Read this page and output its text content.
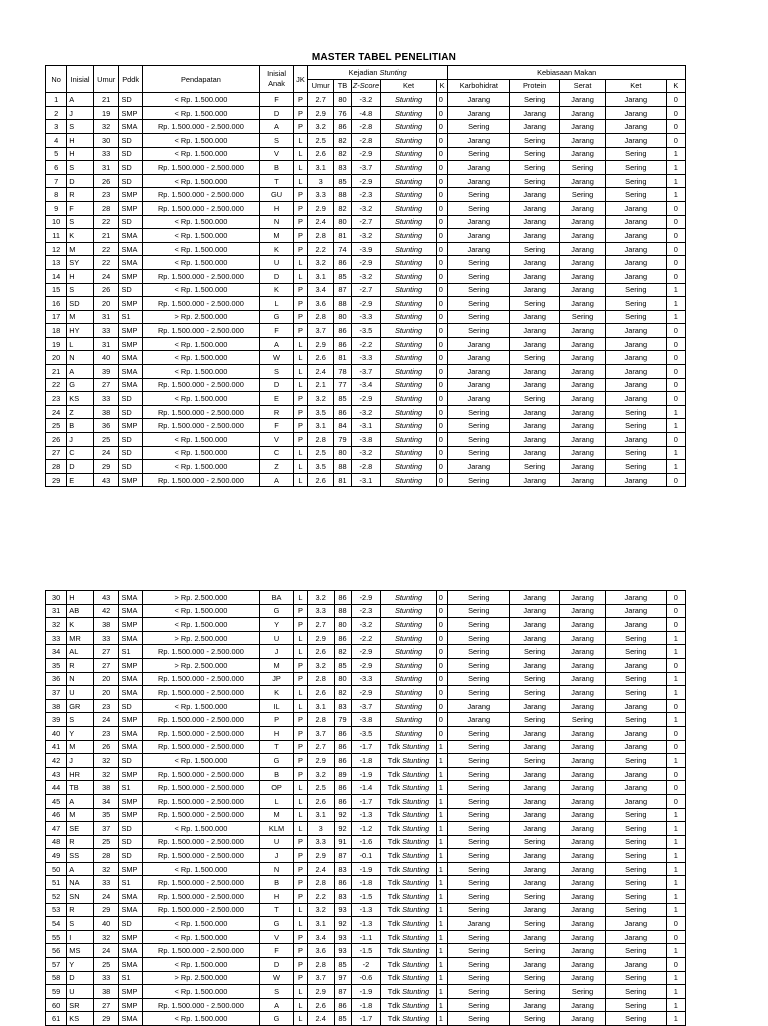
MASTER TABEL PENELITIAN
No	Inisial	Umur	Pddk	Pendapatan	Inisial Anak	JK	Kejadian Stunting					Kebiasaan Makan				
							Umur	TB	Z-Score	Ket	K	Karbohidrat	Protein	Serat	Ket	K
1	A	21	SD	< Rp. 1.500.000	F	P	2.7	80	-3.2	Stunting	0	Jarang	Sering	Jarang	Jarang	0
2	J	19	SMP	< Rp. 1.500.000	D	P	2.9	76	-4.8	Stunting	0	Jarang	Jarang	Jarang	Jarang	0
3	S	32	SMA	Rp. 1.500.000 - 2.500.000	A	P	3.2	86	-2.8	Stunting	0	Sering	Jarang	Jarang	Jarang	0
4	H	30	SD	< Rp. 1.500.000	S	L	2.5	82	-2.8	Stunting	0	Jarang	Sering	Jarang	Jarang	0
5	H	33	SD	< Rp. 1.500.000	V	L	2.6	82	-2.9	Stunting	0	Sering	Sering	Jarang	Sering	1
6	S	31	SD	Rp. 1.500.000 - 2.500.000	B	L	3.1	83	-3.7	Stunting	0	Jarang	Sering	Sering	Sering	1
7	D	26	SD	< Rp. 1.500.000	T	L	3	85	-2.9	Stunting	0	Jarang	Sering	Jarang	Sering	1
8	R	23	SMP	Rp. 1.500.000 - 2.500.000	GU	P	3.3	88	-2.3	Stunting	0	Sering	Jarang	Sering	Sering	1
9	F	28	SMP	Rp. 1.500.000 - 2.500.000	H	P	2.9	82	-3.2	Stunting	0	Sering	Jarang	Jarang	Jarang	0
10	S	22	SD	< Rp. 1.500.000	N	P	2.4	80	-2.7	Stunting	0	Jarang	Jarang	Jarang	Jarang	0
11	K	21	SMA	< Rp. 1.500.000	M	P	2.8	81	-3.2	Stunting	0	Jarang	Jarang	Jarang	Jarang	0
12	M	22	SMA	< Rp. 1.500.000	K	P	2.2	74	-3.9	Stunting	0	Jarang	Sering	Jarang	Jarang	0
13	SY	22	SMA	< Rp. 1.500.000	U	L	3.2	86	-2.9	Stunting	0	Sering	Jarang	Jarang	Jarang	0
14	H	24	SMP	Rp. 1.500.000 - 2.500.000	D	L	3.1	85	-3.2	Stunting	0	Sering	Jarang	Jarang	Jarang	0
15	S	26	SD	< Rp. 1.500.000	K	P	3.4	87	-2.7	Stunting	0	Sering	Jarang	Jarang	Sering	1
16	SD	20	SMP	Rp. 1.500.000 - 2.500.000	L	P	3.6	88	-2.9	Stunting	0	Sering	Sering	Jarang	Sering	1
17	M	31	S1	> Rp. 2.500.000	G	P	2.8	80	-3.3	Stunting	0	Sering	Jarang	Sering	Sering	1
18	HY	33	SMP	Rp. 1.500.000 - 2.500.000	F	P	3.7	86	-3.5	Stunting	0	Sering	Jarang	Jarang	Jarang	0
19	L	31	SMP	< Rp. 1.500.000	A	L	2.9	86	-2.2	Stunting	0	Jarang	Jarang	Jarang	Jarang	0
20	N	40	SMA	< Rp. 1.500.000	W	L	2.6	81	-3.3	Stunting	0	Jarang	Sering	Jarang	Jarang	0
21	A	39	SMA	< Rp. 1.500.000	S	L	2.4	78	-3.7	Stunting	0	Jarang	Jarang	Jarang	Jarang	0
22	G	27	SMA	Rp. 1.500.000 - 2.500.000	D	L	2.1	77	-3.4	Stunting	0	Jarang	Jarang	Jarang	Jarang	0
23	KS	33	SD	< Rp. 1.500.000	E	P	3.2	85	-2.9	Stunting	0	Jarang	Sering	Jarang	Jarang	0
24	Z	38	SD	Rp. 1.500.000 - 2.500.000	R	P	3.5	86	-3.2	Stunting	0	Sering	Jarang	Jarang	Sering	1
25	B	36	SMP	Rp. 1.500.000 - 2.500.000	F	P	3.1	84	-3.1	Stunting	0	Sering	Jarang	Jarang	Sering	1
26	J	25	SD	< Rp. 1.500.000	V	P	2.8	79	-3.8	Stunting	0	Sering	Jarang	Jarang	Jarang	0
27	C	24	SD	< Rp. 1.500.000	C	L	2.5	80	-3.2	Stunting	0	Sering	Jarang	Jarang	Sering	1
28	D	29	SD	< Rp. 1.500.000	Z	L	3.5	88	-2.8	Stunting	0	Jarang	Sering	Jarang	Sering	1
29	E	43	SMP	Rp. 1.500.000 - 2.500.000	A	L	2.6	81	-3.1	Stunting	0	Sering	Jarang	Jarang	Jarang	0
30	H	43	SMA	> Rp. 2.500.000	BA	L	3.2	86	-2.9	Stunting	0	Sering	Jarang	Jarang	Jarang	0
31	AB	42	SMA	< Rp. 1.500.000	G	P	3.3	88	-2.3	Stunting	0	Sering	Jarang	Jarang	Jarang	0
32	K	38	SMP	< Rp. 1.500.000	Y	P	2.7	80	-3.2	Stunting	0	Sering	Jarang	Jarang	Jarang	0
33	MR	33	SMA	> Rp. 2.500.000	U	L	2.9	86	-2.2	Stunting	0	Sering	Jarang	Jarang	Sering	1
34	AL	27	S1	Rp. 1.500.000 - 2.500.000	J	L	2.6	82	-2.9	Stunting	0	Sering	Sering	Jarang	Sering	1
35	R	27	SMP	> Rp. 2.500.000	M	P	3.2	85	-2.9	Stunting	0	Sering	Jarang	Jarang	Jarang	0
36	N	20	SMA	Rp. 1.500.000 - 2.500.000	JP	P	2.8	80	-3.3	Stunting	0	Sering	Sering	Jarang	Sering	1
37	U	20	SMA	Rp. 1.500.000 - 2.500.000	K	L	2.6	82	-2.9	Stunting	0	Sering	Sering	Jarang	Sering	1
38	GR	23	SD	< Rp. 1.500.000	IL	L	3.1	83	-3.7	Stunting	0	Jarang	Jarang	Jarang	Jarang	0
39	S	24	SMP	Rp. 1.500.000 - 2.500.000	P	P	2.8	79	-3.8	Stunting	0	Jarang	Sering	Sering	Sering	1
40	Y	23	SMA	Rp. 1.500.000 - 2.500.000	H	P	3.7	86	-3.5	Stunting	0	Sering	Jarang	Jarang	Jarang	0
41	M	26	SMA	Rp. 1.500.000 - 2.500.000	T	P	2.7	86	-1.7	Tdk Stunting	1	Sering	Jarang	Jarang	Jarang	0
42	J	32	SD	< Rp. 1.500.000	G	P	2.9	86	-1.8	Tdk Stunting	1	Sering	Sering	Jarang	Sering	1
43	HR	32	SMP	Rp. 1.500.000 - 2.500.000	B	P	3.2	89	-1.9	Tdk Stunting	1	Sering	Jarang	Jarang	Jarang	0
44	TB	38	S1	Rp. 1.500.000 - 2.500.000	OP	L	2.5	86	-1.4	Tdk Stunting	1	Sering	Jarang	Jarang	Jarang	0
45	A	34	SMP	Rp. 1.500.000 - 2.500.000	L	L	2.6	86	-1.7	Tdk Stunting	1	Sering	Jarang	Jarang	Jarang	0
46	M	35	SMP	Rp. 1.500.000 - 2.500.000	M	L	3.1	92	-1.3	Tdk Stunting	1	Sering	Jarang	Jarang	Sering	1
47	SE	37	SD	< Rp. 1.500.000	KLM	L	3	92	-1.2	Tdk Stunting	1	Sering	Jarang	Jarang	Sering	1
48	R	25	SD	Rp. 1.500.000 - 2.500.000	U	P	3.3	91	-1.6	Tdk Stunting	1	Sering	Sering	Jarang	Sering	1
49	SS	28	SD	Rp. 1.500.000 - 2.500.000	J	P	2.9	87	-0.1	Tdk Stunting	1	Sering	Jarang	Jarang	Sering	1
50	A	32	SMP	< Rp. 1.500.000	N	P	2.4	83	-1.9	Tdk Stunting	1	Sering	Jarang	Jarang	Sering	1
51	NA	33	S1	Rp. 1.500.000 - 2.500.000	B	P	2.8	86	-1.8	Tdk Stunting	1	Sering	Jarang	Jarang	Sering	1
52	SN	24	SMA	Rp. 1.500.000 - 2.500.000	H	P	2.2	83	-1.5	Tdk Stunting	1	Sering	Sering	Jarang	Sering	1
53	R	29	SMA	Rp. 1.500.000 - 2.500.000	T	L	3.2	93	-1.3	Tdk Stunting	1	Sering	Jarang	Jarang	Sering	1
54	S	40	SD	< Rp. 1.500.000	G	L	3.1	92	-1.3	Tdk Stunting	1	Jarang	Sering	Jarang	Jarang	0
55	I	32	SMP	< Rp. 1.500.000	V	P	3.4	93	-1.1	Tdk Stunting	1	Sering	Jarang	Jarang	Jarang	0
56	MS	24	SMA	Rp. 1.500.000 - 2.500.000	F	P	3.6	93	-1.5	Tdk Stunting	1	Sering	Sering	Jarang	Sering	1
57	Y	25	SMA	< Rp. 1.500.000	D	P	2.8	85	-2	Tdk Stunting	1	Sering	Jarang	Jarang	Jarang	0
58	D	33	S1	> Rp. 2.500.000	W	P	3.7	97	-0.6	Tdk Stunting	1	Sering	Sering	Jarang	Sering	1
59	U	38	SMP	< Rp. 1.500.000	S	L	2.9	87	-1.9	Tdk Stunting	1	Sering	Sering	Sering	Sering	1
60	SR	27	SMP	Rp. 1.500.000 - 2.500.000	A	L	2.6	86	-1.8	Tdk Stunting	1	Sering	Jarang	Jarang	Sering	1
61	KS	29	SMA	< Rp. 1.500.000	G	L	2.4	85	-1.7	Tdk Stunting	1	Sering	Sering	Jarang	Sering	1
